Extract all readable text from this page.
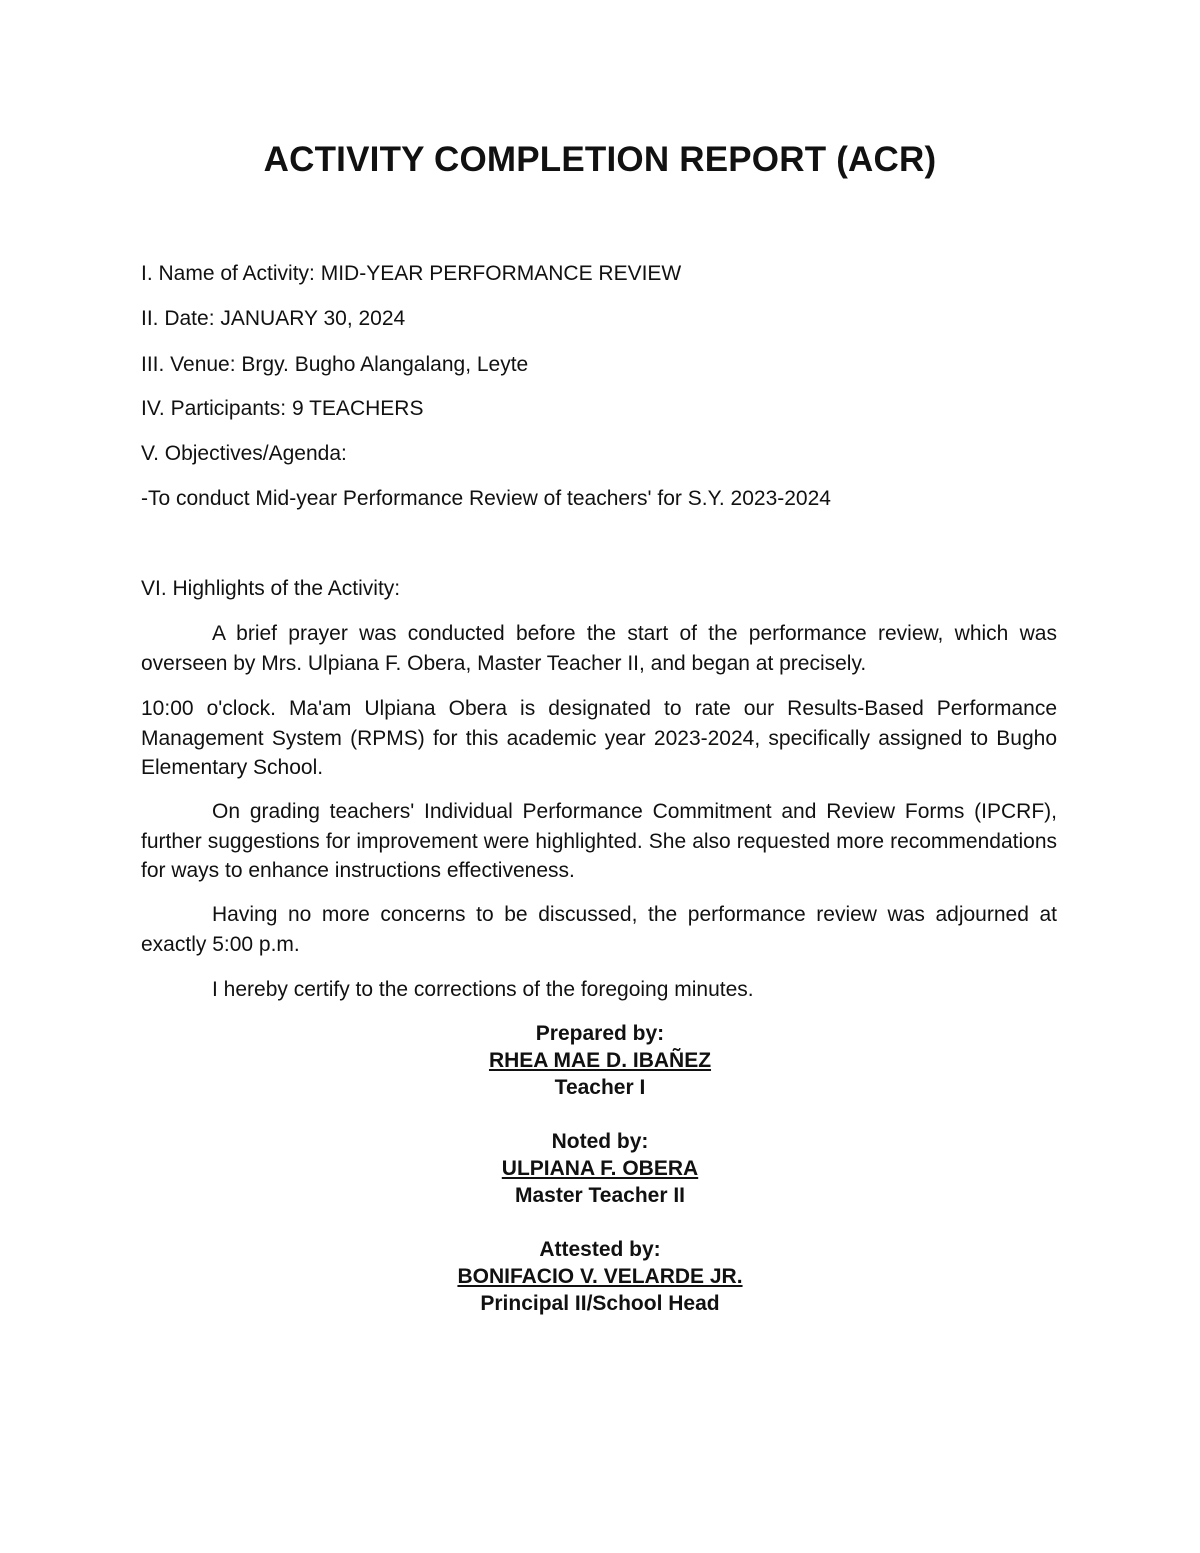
ACTIVITY COMPLETION REPORT (ACR)
I. Name of Activity: MID-YEAR PERFORMANCE REVIEW
II. Date: JANUARY 30, 2024
III. Venue: Brgy. Bugho Alangalang, Leyte
IV. Participants: 9 TEACHERS
V. Objectives/Agenda:
-To conduct Mid-year Performance Review of teachers' for S.Y. 2023-2024
VI. Highlights of the Activity:
A brief prayer was conducted before the start of the performance review, which was overseen by Mrs. Ulpiana F. Obera, Master Teacher II, and began at precisely.
10:00 o'clock. Ma'am Ulpiana Obera is designated to rate our Results-Based Performance Management System (RPMS) for this academic year 2023-2024, specifically assigned to Bugho Elementary School.
On grading teachers' Individual Performance Commitment and Review Forms (IPCRF), further suggestions for improvement were highlighted. She also requested more recommendations for ways to enhance instructions effectiveness.
Having no more concerns to be discussed, the performance review was adjourned at exactly 5:00 p.m.
I hereby certify to the corrections of the foregoing minutes.
Prepared by:
RHEA MAE D. IBAÑEZ
Teacher I
Noted by:
ULPIANA F. OBERA
Master Teacher II
Attested by:
BONIFACIO V. VELARDE JR.
Principal II/School Head
